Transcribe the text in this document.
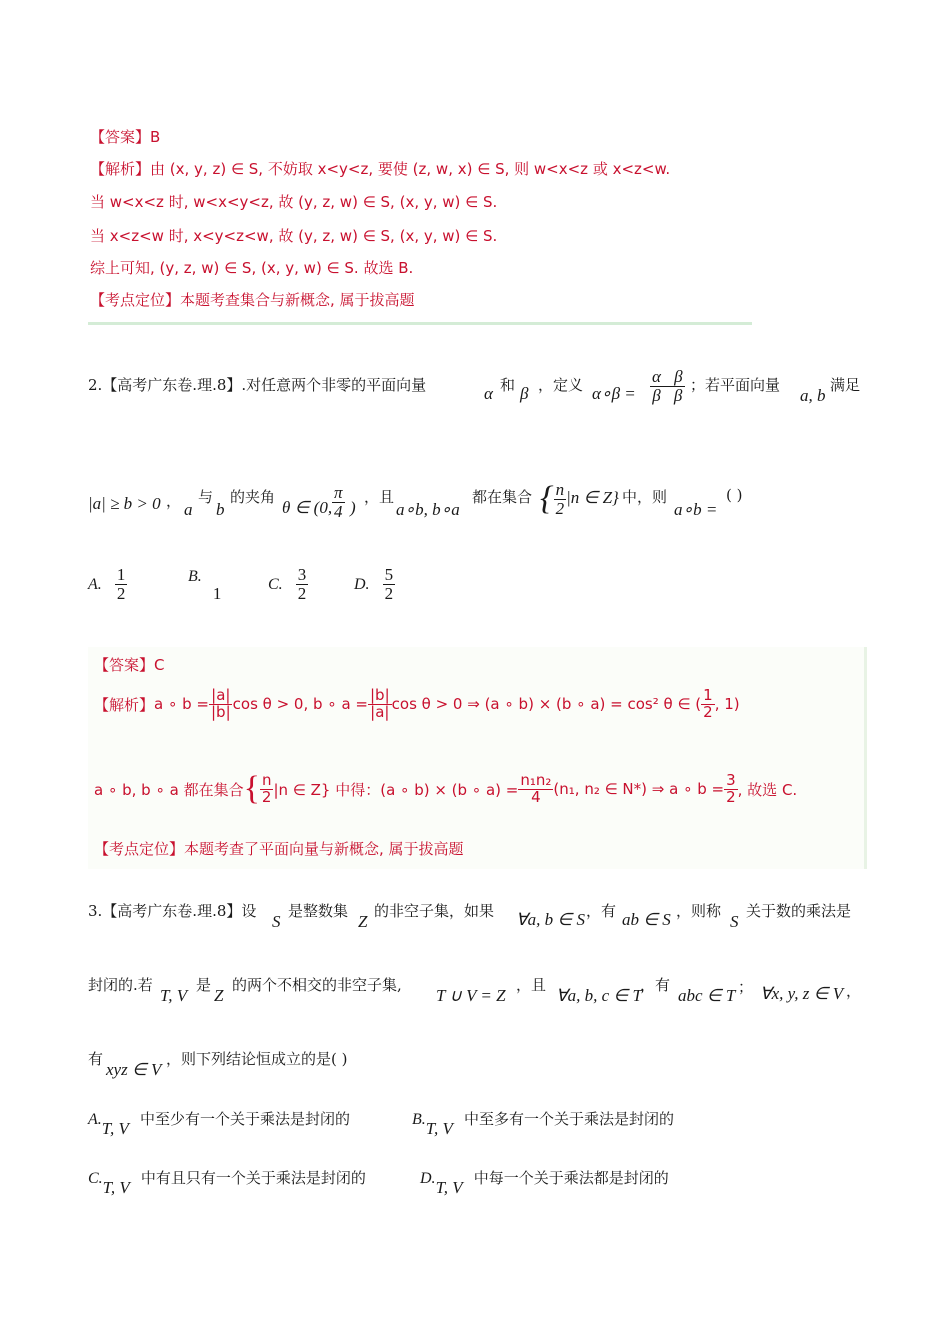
【答案】B
【解析】由 (x, y, z) ∈ S, 不妨取 x<y<z, 要使 (z, w, x) ∈ S, 则 w<x<z 或 x<z<w.
当 w<x<z 时, w<x<y<z, 故 (y, z, w) ∈ S, (x, y, w) ∈ S.
当 x<z<w 时, x<y<z<w, 故 (y, z, w) ∈ S, (x, y, w) ∈ S.
综上可知, (y, z, w) ∈ S, (x, y, w) ∈ S. 故选 B.
【考点定位】本题考查集合与新概念, 属于拔高题
2.【高考广东卷.理.8】.对任意两个非零的平面向量	α 和 β ，定义 α∘β = $\frac{\alpha⃞\beta}{\beta⃞\beta}$ ；若平面向量
a, b
满足
|a| ≥ b > 0 ， a
与
b
的夹角
θ ∈ (0, $\frac{\pi}{4}$ )
，且
a∘b, b∘a
都在集合 { $\frac{n}{2} |n$ ∈ Z} 中，则
a∘b =
( )
A. $\frac{1}{2}$	B. 1	C. $\frac{3}{2}$	D. $\frac{5}{2}$
【答案】C
【解析】 a ∘ $b = \frac{|a|}{|b|}$ cos θ > 0, b ∘ $a = \frac{|b|}{|a|}$ cos θ > 0 ⇒ (a ∘ b) × (b ∘ a) = cos² θ ∈ ( $\frac{1}{2}$ , 1)
a ∘ b, b ∘ a 都在集合 { $\frac{n}{2} |n$ ∈ Z} 中得：(a ∘ b) × (b ∘ $a) = \frac{\text{n₁n₂}}{4} (n_1$, n₂ ∈ N*) ⇒ a ∘ $b = \frac{3}{2}$ , 故选 C.
【考点定位】本题考查了平面向量与新概念, 属于拔高题
3.【高考广东卷.理.8】设
S
是整数集
Z
的非空子集，如果 ∀a, b ∈ S ，有 ab ∈ S ，则称
S
关于数的乘法是
封闭的.若
T, V
是
Z
的两个不相交的非空子集,
T ∪ V = Z
，且
∀a, b, c ∈ T
，有
abc ∈ T ； ∀x, y, z ∈ V ，
有
xyz ∈ V
，则下列结论恒成立的是( )
A.T, V 中至少有一个关于乘法是封闭的	B.T, V 中至多有一个关于乘法是封闭的
C.T, V 中有且只有一个关于乘法是封闭的	D.T, V 中每一个关于乘法都是封闭的
